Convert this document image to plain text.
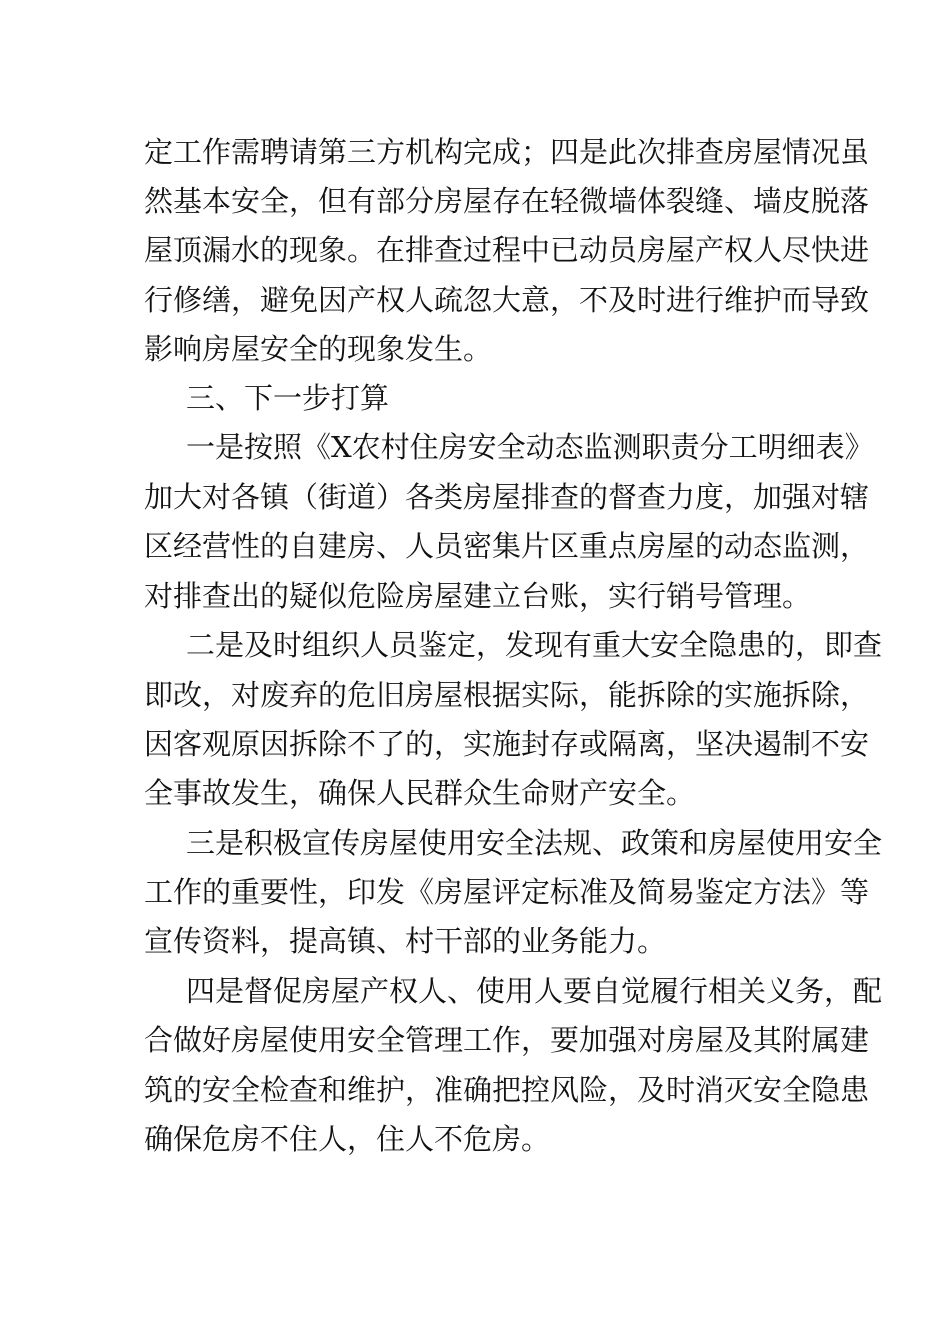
定工作需聘请第三方机构完成；四是此次排查房屋情况虽
然基本安全，但有部分房屋存在轻微墙体裂缝、墙皮脱落
屋顶漏水的现象。在排查过程中已动员房屋产权人尽快进
行修缮，避免因产权人疏忽大意，不及时进行维护而导致
影响房屋安全的现象发生。
三、下一步打算
一是按照《X农村住房安全动态监测职责分工明细表》
加大对各镇（街道）各类房屋排查的督查力度，加强对辖
区经营性的自建房、人员密集片区重点房屋的动态监测，
对排查出的疑似危险房屋建立台账，实行销号管理。
二是及时组织人员鉴定，发现有重大安全隐患的，即查
即改，对废弃的危旧房屋根据实际，能拆除的实施拆除，
因客观原因拆除不了的，实施封存或隔离，坚决遏制不安
全事故发生，确保人民群众生命财产安全。
三是积极宣传房屋使用安全法规、政策和房屋使用安全
工作的重要性，印发《房屋评定标准及简易鉴定方法》等
宣传资料，提高镇、村干部的业务能力。
四是督促房屋产权人、使用人要自觉履行相关义务，配
合做好房屋使用安全管理工作，要加强对房屋及其附属建
筑的安全检查和维护，准确把控风险，及时消灭安全隐患
确保危房不住人，住人不危房。
